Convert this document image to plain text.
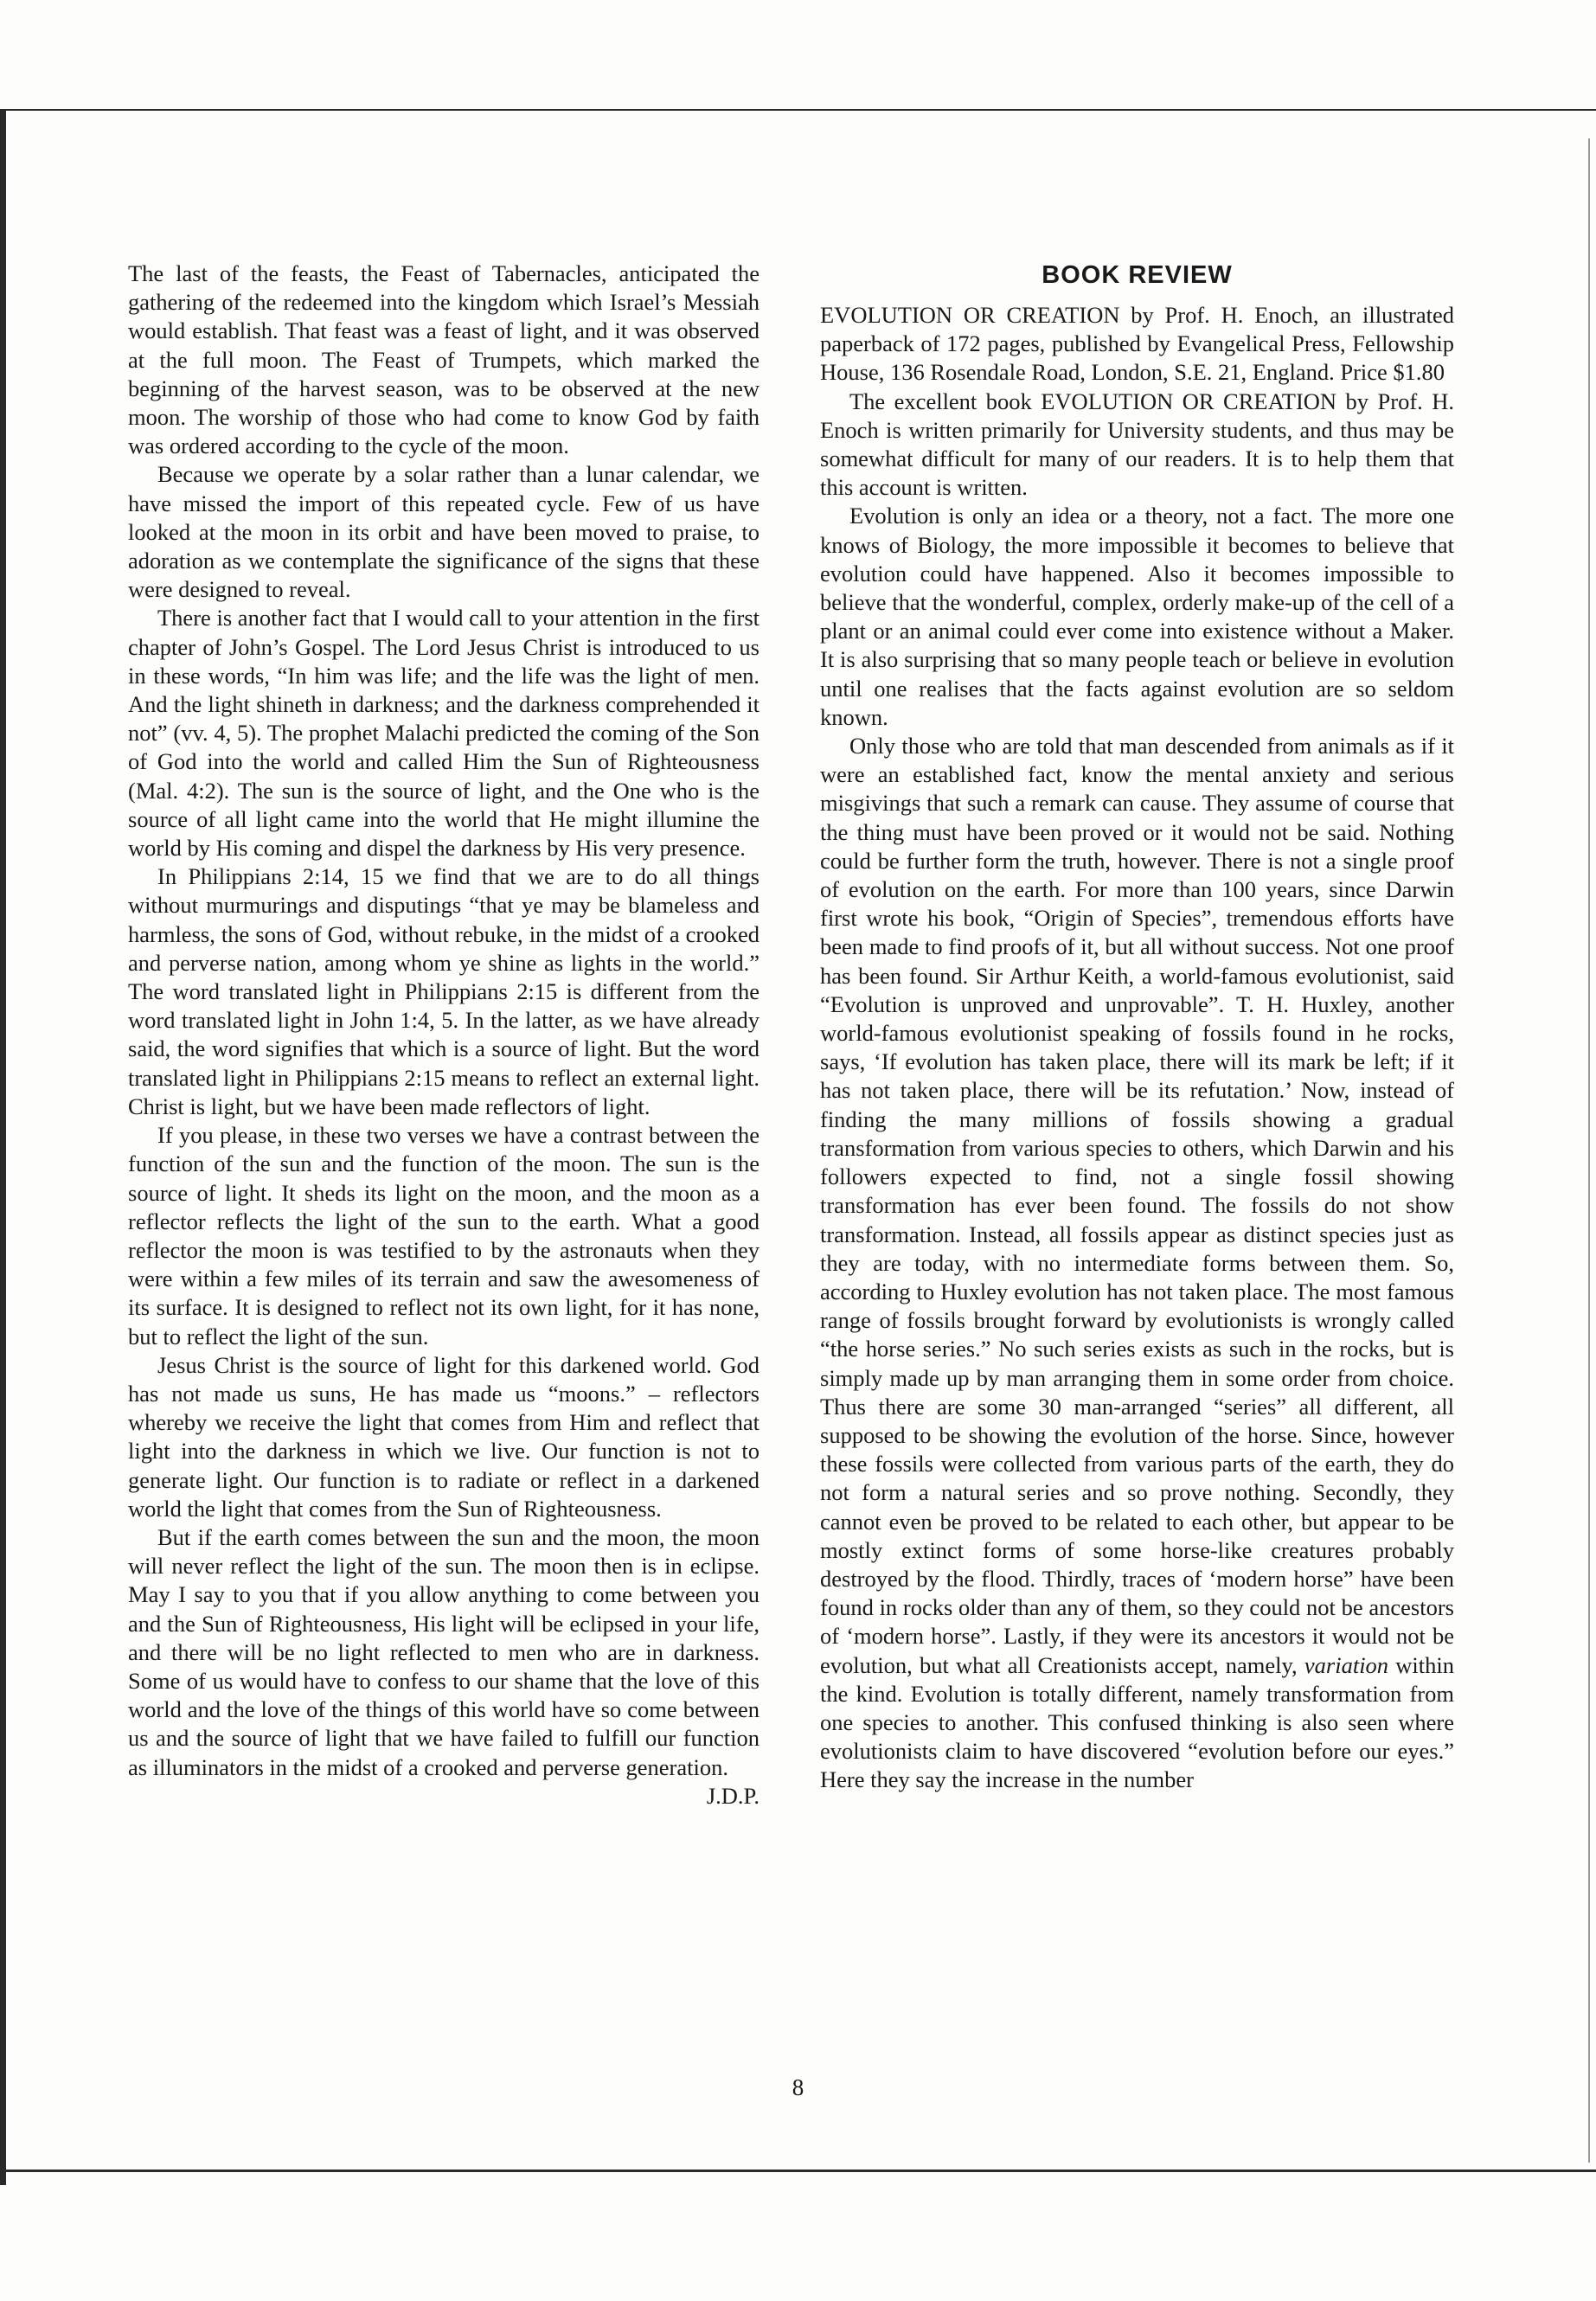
The last of the feasts, the Feast of Tabernacles, anticipated the gathering of the redeemed into the kingdom which Israel’s Messiah would establish. That feast was a feast of light, and it was observed at the full moon. The Feast of Trumpets, which marked the beginning of the harvest season, was to be observed at the new moon. The worship of those who had come to know God by faith was ordered according to the cycle of the moon.

Because we operate by a solar rather than a lunar calendar, we have missed the import of this repeated cycle. Few of us have looked at the moon in its orbit and have been moved to praise, to adoration as we contemplate the significance of the signs that these were designed to reveal.

There is another fact that I would call to your attention in the first chapter of John’s Gospel. The Lord Jesus Christ is introduced to us in these words, “In him was life; and the life was the light of men. And the light shineth in darkness; and the darkness comprehended it not” (vv. 4, 5). The prophet Malachi predicted the coming of the Son of God into the world and called Him the Sun of Righteousness (Mal. 4:2). The sun is the source of light, and the One who is the source of all light came into the world that He might illumine the world by His coming and dispel the darkness by His very presence.

In Philippians 2:14, 15 we find that we are to do all things without murmurings and disputings “that ye may be blameless and harmless, the sons of God, without rebuke, in the midst of a crooked and perverse nation, among whom ye shine as lights in the world.” The word translated light in Philippians 2:15 is different from the word translated light in John 1:4, 5. In the latter, as we have already said, the word signifies that which is a source of light. But the word translated light in Philippians 2:15 means to reflect an external light. Christ is light, but we have been made reflectors of light.

If you please, in these two verses we have a contrast between the function of the sun and the function of the moon. The sun is the source of light. It sheds its light on the moon, and the moon as a reflector reflects the light of the sun to the earth. What a good reflector the moon is was testified to by the astronauts when they were within a few miles of its terrain and saw the awesomeness of its surface. It is designed to reflect not its own light, for it has none, but to reflect the light of the sun.

Jesus Christ is the source of light for this darkened world. God has not made us suns, He has made us “moons.” – reflectors whereby we receive the light that comes from Him and reflect that light into the darkness in which we live. Our function is not to generate light. Our function is to radiate or reflect in a darkened world the light that comes from the Sun of Righteousness.

But if the earth comes between the sun and the moon, the moon will never reflect the light of the sun. The moon then is in eclipse. May I say to you that if you allow anything to come between you and the Sun of Righteousness, His light will be eclipsed in your life, and there will be no light reflected to men who are in darkness. Some of us would have to confess to our shame that the love of this world and the love of the things of this world have so come between us and the source of light that we have failed to fulfill our function as illuminators in the midst of a crooked and perverse generation.
J.D.P.

BOOK REVIEW

EVOLUTION OR CREATION by Prof. H. Enoch, an illustrated paperback of 172 pages, published by Evangelical Press, Fellowship House, 136 Rosendale Road, London, S.E. 21, England. Price $1.80

The excellent book EVOLUTION OR CREATION by Prof. H. Enoch is written primarily for University students, and thus may be somewhat difficult for many of our readers. It is to help them that this account is written.

Evolution is only an idea or a theory, not a fact. The more one knows of Biology, the more impossible it becomes to believe that evolution could have happened. Also it becomes impossible to believe that the wonderful, complex, orderly make-up of the cell of a plant or an animal could ever come into existence without a Maker. It is also surprising that so many people teach or believe in evolution until one realises that the facts against evolution are so seldom known.

Only those who are told that man descended from animals as if it were an established fact, know the mental anxiety and serious misgivings that such a remark can cause. They assume of course that the thing must have been proved or it would not be said. Nothing could be further form the truth, however. There is not a single proof of evolution on the earth. For more than 100 years, since Darwin first wrote his book, “Origin of Species”, tremendous efforts have been made to find proofs of it, but all without success. Not one proof has been found. Sir Arthur Keith, a world-famous evolutionist, said “Evolution is unproved and unprovable”. T. H. Huxley, another world-famous evolutionist speaking of fossils found in he rocks, says, ‘If evolution has taken place, there will its mark be left; if it has not taken place, there will be its refutation.’ Now, instead of finding the many millions of fossils showing a gradual transformation from various species to others, which Darwin and his followers expected to find, not a single fossil showing transformation has ever been found. The fossils do not show transformation. Instead, all fossils appear as distinct species just as they are today, with no intermediate forms between them. So, according to Huxley evolution has not taken place. The most famous range of fossils brought forward by evolutionists is wrongly called “the horse series.” No such series exists as such in the rocks, but is simply made up by man arranging them in some order from choice. Thus there are some 30 man-arranged “series” all different, all supposed to be showing the evolution of the horse. Since, however these fossils were collected from various parts of the earth, they do not form a natural series and so prove nothing. Secondly, they cannot even be proved to be related to each other, but appear to be mostly extinct forms of some horse-like creatures probably destroyed by the flood. Thirdly, traces of ‘modern horse” have been found in rocks older than any of them, so they could not be ancestors of ‘modern horse”. Lastly, if they were its ancestors it would not be evolution, but what all Creationists accept, namely, variation within the kind. Evolution is totally different, namely transformation from one species to another. This confused thinking is also seen where evolutionists claim to have discovered “evolution before our eyes.” Here they say the increase in the number

8
